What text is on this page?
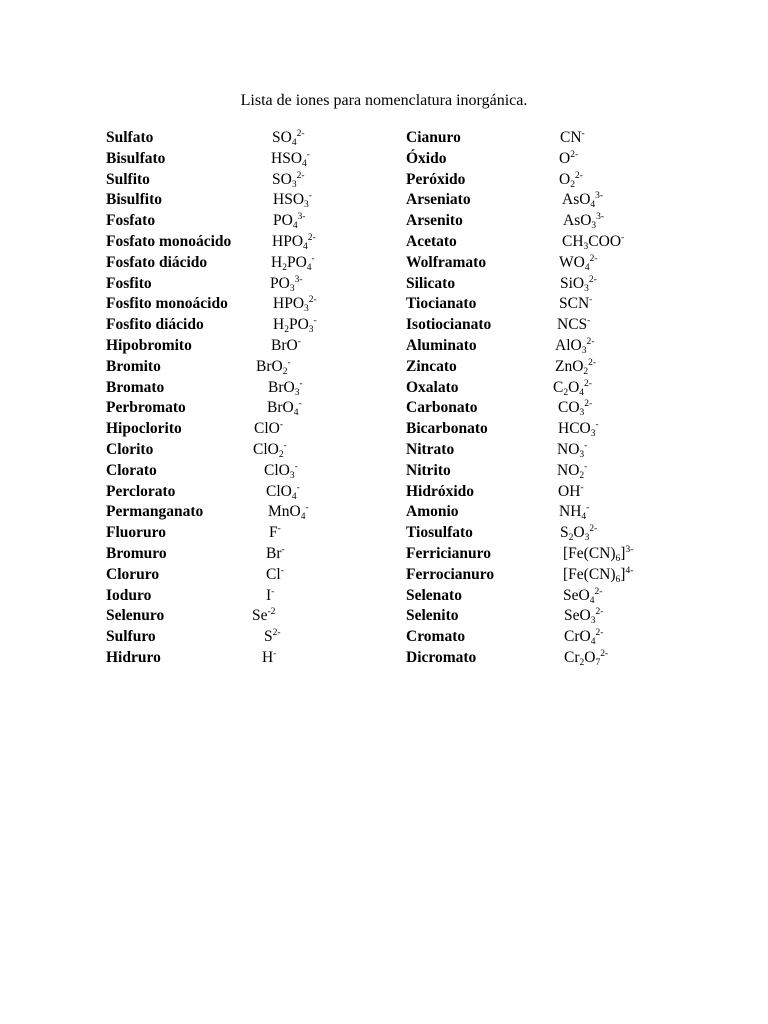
Lista de iones para nomenclatura inorgánica.
Sulfato	$SO_4^{2-}$
Bisulfato	$HSO_4^-$
Sulfito	$SO_3^{2-}$
Bisulfito	$HSO_3^-$
Fosfato	$PO_4^{3-}$
Fosfato monoácido	$HPO_4^{2-}$
Fosfato diácido	$H_2PO_4^-$
Fosfito	$PO_3^{3-}$
Fosfito monoácido	$HPO_3^{2-}$
Fosfito diácido	$H_2PO_3^-$
Hipobromito	BrO-
Bromito	BrO$_2$-
Bromato	BrO$_3$-
Perbromato	BrO$_4$-
Hipoclorito	ClO-
Clorito	ClO$_2$-
Clorato	ClO$_3$-
Perclorato	ClO$_4$-
Permanganato	MnO$_4$-
Fluoruro	F-
Bromuro	Br-
Cloruro	Cl-
Ioduro	I-
Selenuro	$Se^{-2}$
Sulfuro	$S^{2-}$
Hidruro	H-
Cianuro	CN-
Óxido	$O^{2-}$
Peróxido	$O_2^{2-}$
Arseniato	AsO$_4^{3-}$
Arsenito	AsO$_3^{3-}$
Acetato	$CH_3COO^-$
Wolframato	$WO_4^{2-}$
Silicato	SiO$_3^{2-}$
Tiocianato	SCN-
Isotiocianato	NCS-
Aluminato	AlO$_3^{2-}$
Zincato	ZnO$_2^{2-}$
Oxalato	$C_2O_4^{2-}$
Carbonato	$CO_3^{2-}$
Bicarbonato	$HCO_3^-$
Nitrato	$NO_3^-$
Nitrito	$NO_2^-$
Hidróxido	OH-
Amonio	$NH_4^-$
Tiosulfato	$S_2O_3^{2-}$
Ferricianuro	$[Fe(CN)_6]^{3-}$
Ferrocianuro	$[Fe(CN)_6]^{4-}$
Selenato	SeO$_4^{2-}$
Selenito	SeO$_3^{2-}$
Cromato	CrO$_4^{2-}$
Dicromato	$Cr_2O_7^{2-}$
